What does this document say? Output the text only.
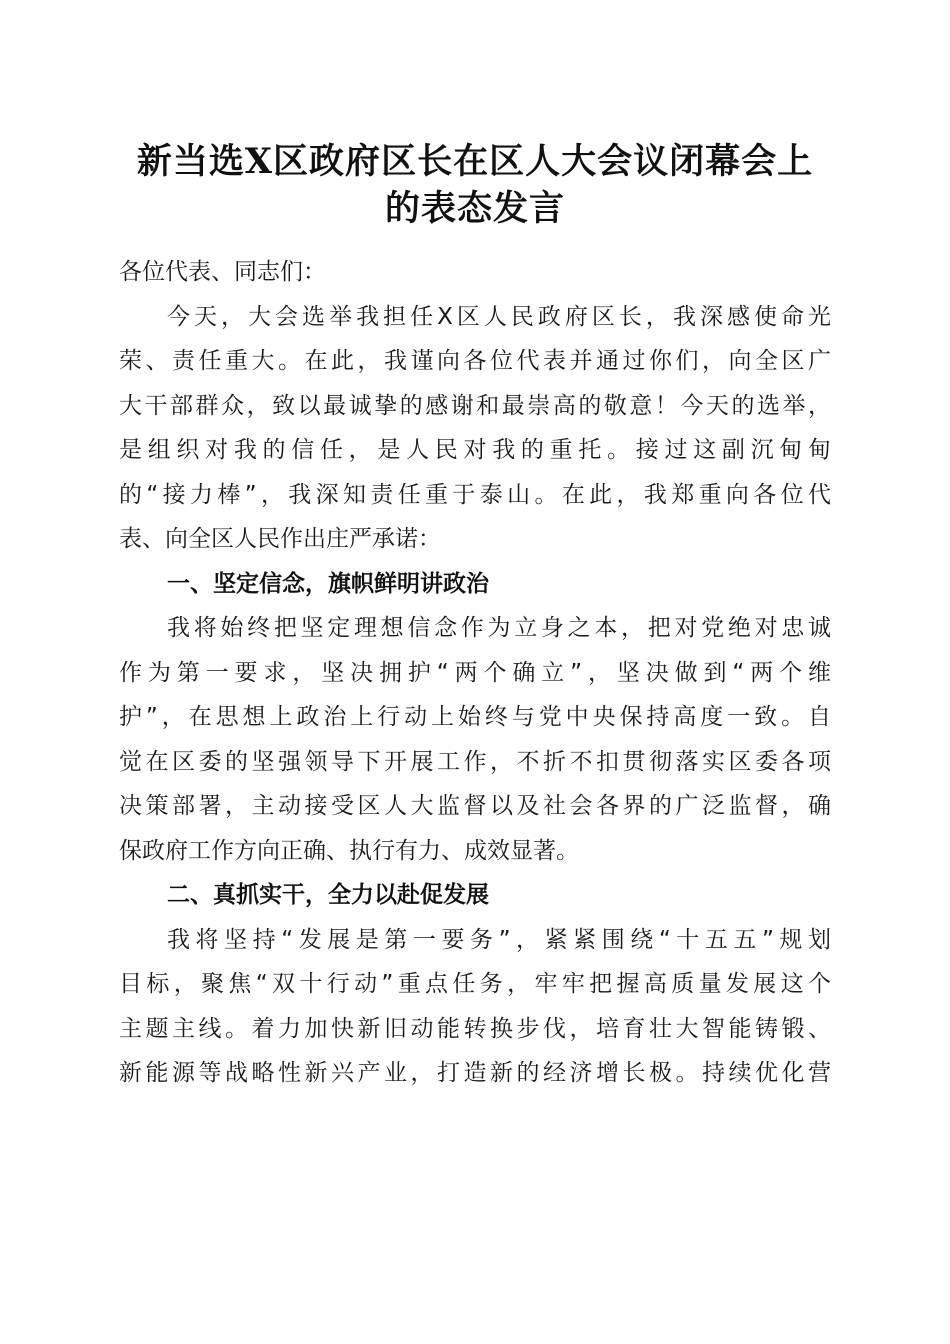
新当选X区政府区长在区人大会议闭幕会上
的表态发言
各位代表、同志们：
今天，大会选举我担任X区人民政府区长，我深感使命光
荣、责任重大。在此，我谨向各位代表并通过你们，向全区广
大干部群众，致以最诚挚的感谢和最崇高的敬意！今天的选举，
是组织对我的信任，是人民对我的重托。接过这副沉甸甸
的“接力棒”，我深知责任重于泰山。在此，我郑重向各位代
表、向全区人民作出庄严承诺：
一、坚定信念，旗帜鲜明讲政治
我将始终把坚定理想信念作为立身之本，把对党绝对忠诚
作为第一要求，坚决拥护“两个确立”，坚决做到“两个维
护”，在思想上政治上行动上始终与党中央保持高度一致。自
觉在区委的坚强领导下开展工作，不折不扣贯彻落实区委各项
决策部署，主动接受区人大监督以及社会各界的广泛监督，确
保政府工作方向正确、执行有力、成效显著。
二、真抓实干，全力以赴促发展
我将坚持“发展是第一要务”，紧紧围绕“十五五”规划
目标，聚焦“双十行动”重点任务，牢牢把握高质量发展这个
主题主线。着力加快新旧动能转换步伐，培育壮大智能铸锻、
新能源等战略性新兴产业，打造新的经济增长极。持续优化营
